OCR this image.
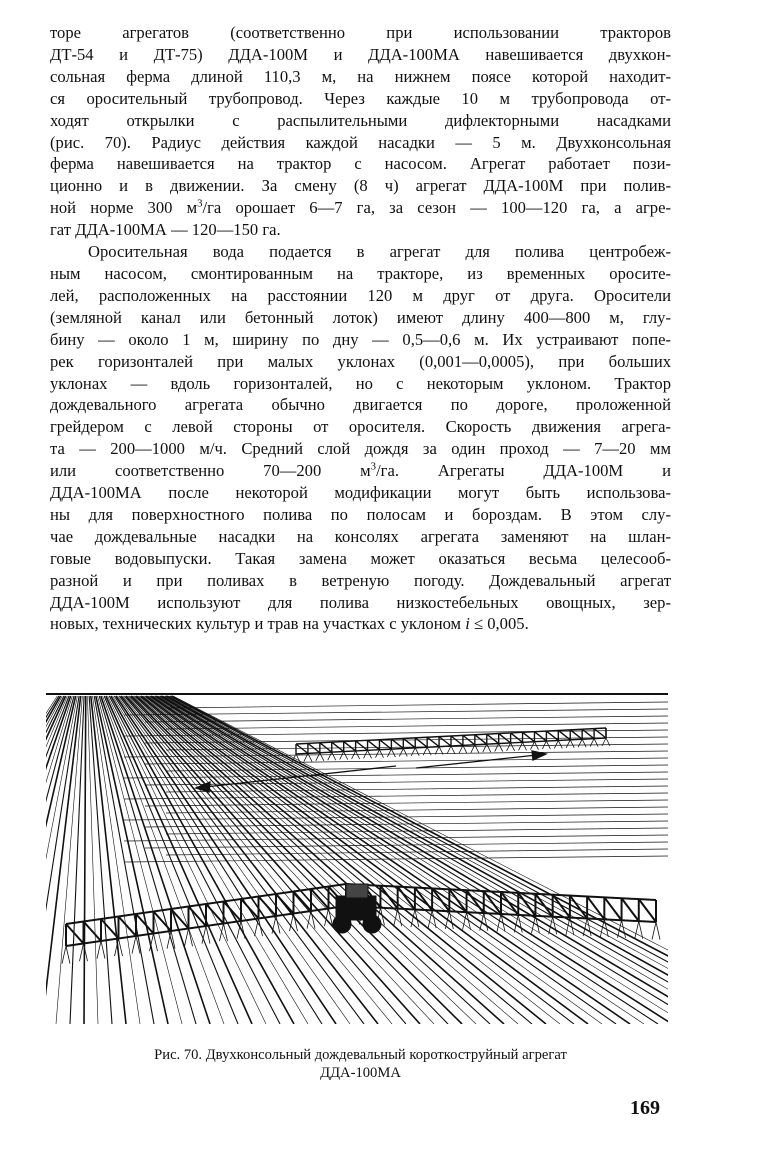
торе агрегатов (соответственно при использовании тракторов
ДТ-54 и ДТ-75) ДДА-100М и ДДА-100МА навешивается двухкон-
сольная ферма длиной 110,3 м, на нижнем поясе которой находит-
ся оросительный трубопровод. Через каждые 10 м трубопровода от-
ходят открылки с распылительными дифлекторными насадками
(рис. 70). Радиус действия каждой насадки — 5 м. Двухконсольная
ферма навешивается на трактор с насосом. Агрегат работает пози-
ционно и в движении. За смену (8 ч) агрегат ДДА-100М при полив-
ной норме 300 $м^3/га$ орошает 6—7 га, за сезон — 100—120 га, а агре-
гат ДДА-100МА — 120—150 га.

Оросительная вода подается в агрегат для полива центробеж-
ным насосом, смонтированным на тракторе, из временных оросите-
лей, расположенных на расстоянии 120 м друг от друга. Оросители
(земляной канал или бетонный лоток) имеют длину 400—800 м, глу-
бину — около 1 м, ширину по дну — 0,5—0,6 м. Их устраивают попе-
рек горизонталей при малых уклонах (0,001—0,0005), при больших
уклонах — вдоль горизонталей, но с некоторым уклоном. Трактор
дождевального агрегата обычно двигается по дороге, проложенной
грейдером с левой стороны от оросителя. Скорость движения агрега-
та — 200—1000 м/ч. Средний слой дождя за один проход — 7—20 мм
или соответственно 70—200 $м^3/га$. Агрегаты ДДА-100М и
ДДА-100МА после некоторой модификации могут быть использова-
ны для поверхностного полива по полосам и бороздам. В этом слу-
чае дождевальные насадки на консолях агрегата заменяют на шлан-
говые водовыпуски. Такая замена может оказаться весьма целесооб-
разной и при поливах в ветреную погоду. Дождевальный агрегат
ДДА-100М используют для полива низкостебельных овощных, зер-
новых, технических культур и трав на участках с уклоном i ≤ 0,005.

Рис. 70. Двухконсольный дождевальный короткоструйный агрегат
ДДА-100МА
169
